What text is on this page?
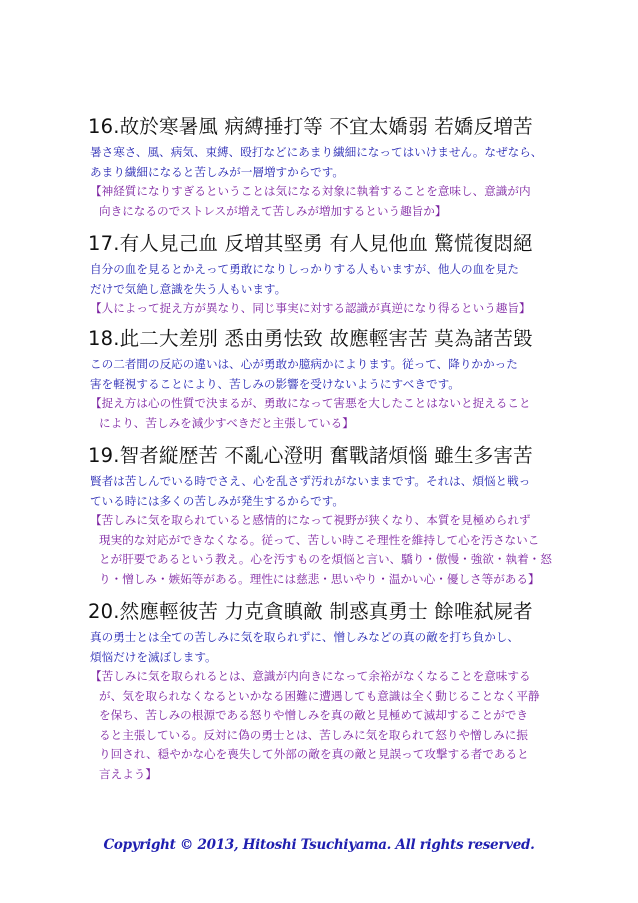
16.故於寒暑風 病縛捶打等 不宜太嬌弱 若嬌反増苦

暑さ寒さ、風、病気、束縛、殴打などにあまり繊細になってはいけません。なぜなら、
あまり繊細になると苦しみが一層増すからです。
【神経質になりすぎるということは気になる対象に執着することを意味し、意識が内
向きになるのでストレスが増えて苦しみが増加するという趣旨か】

17.有人見己血 反増其堅勇 有人見他血 驚慌復悶絕

自分の血を見るとかえって勇敢になりしっかりする人もいますが、他人の血を見た
だけで気絶し意識を失う人もいます。
【人によって捉え方が異なり、同じ事実に対する認識が真逆になり得るという趣旨】

18.此二大差別 悉由勇怯致 故應輕害苦 莫為諸苦毀

この二者間の反応の違いは、心が勇敢か臆病かによります。従って、降りかかった
害を軽視することにより、苦しみの影響を受けないようにすべきです。
【捉え方は心の性質で決まるが、勇敢になって害悪を大したことはないと捉えること
により、苦しみを減少すべきだと主張している】

19.智者縦歴苦 不亂心澄明 奮戰諸煩惱 雖生多害苦

賢者は苦しんでいる時でさえ、心を乱さず汚れがないままです。それは、煩悩と戦っ
ている時には多くの苦しみが発生するからです。
【苦しみに気を取られていると感情的になって視野が狭くなり、本質を見極められず
現実的な対応ができなくなる。従って、苦しい時こそ理性を維持して心を汚さないこ
とが肝要であるという教え。心を汚すものを煩悩と言い、驕り・傲慢・強欲・執着・怒
り・憎しみ・嫉妬等がある。理性には慈悲・思いやり・温かい心・優しさ等がある】

20.然應輕彼苦 力克貪瞋敵 制惑真勇士 餘唯弑屍者

真の勇士とは全ての苦しみに気を取られずに、憎しみなどの真の敵を打ち負かし、
煩悩だけを滅ぼします。
【苦しみに気を取られるとは、意識が内向きになって余裕がなくなることを意味する
が、気を取られなくなるといかなる困難に遭遇しても意識は全く動じることなく平静
を保ち、苦しみの根源である怒りや憎しみを真の敵と見極めて滅却することができ
ると主張している。反対に偽の勇士とは、苦しみに気を取られて怒りや憎しみに振
り回され、穏やかな心を喪失して外部の敵を真の敵と見誤って攻撃する者であると
言えよう】
Copyright © 2013, Hitoshi Tsuchiyama. All rights reserved.
